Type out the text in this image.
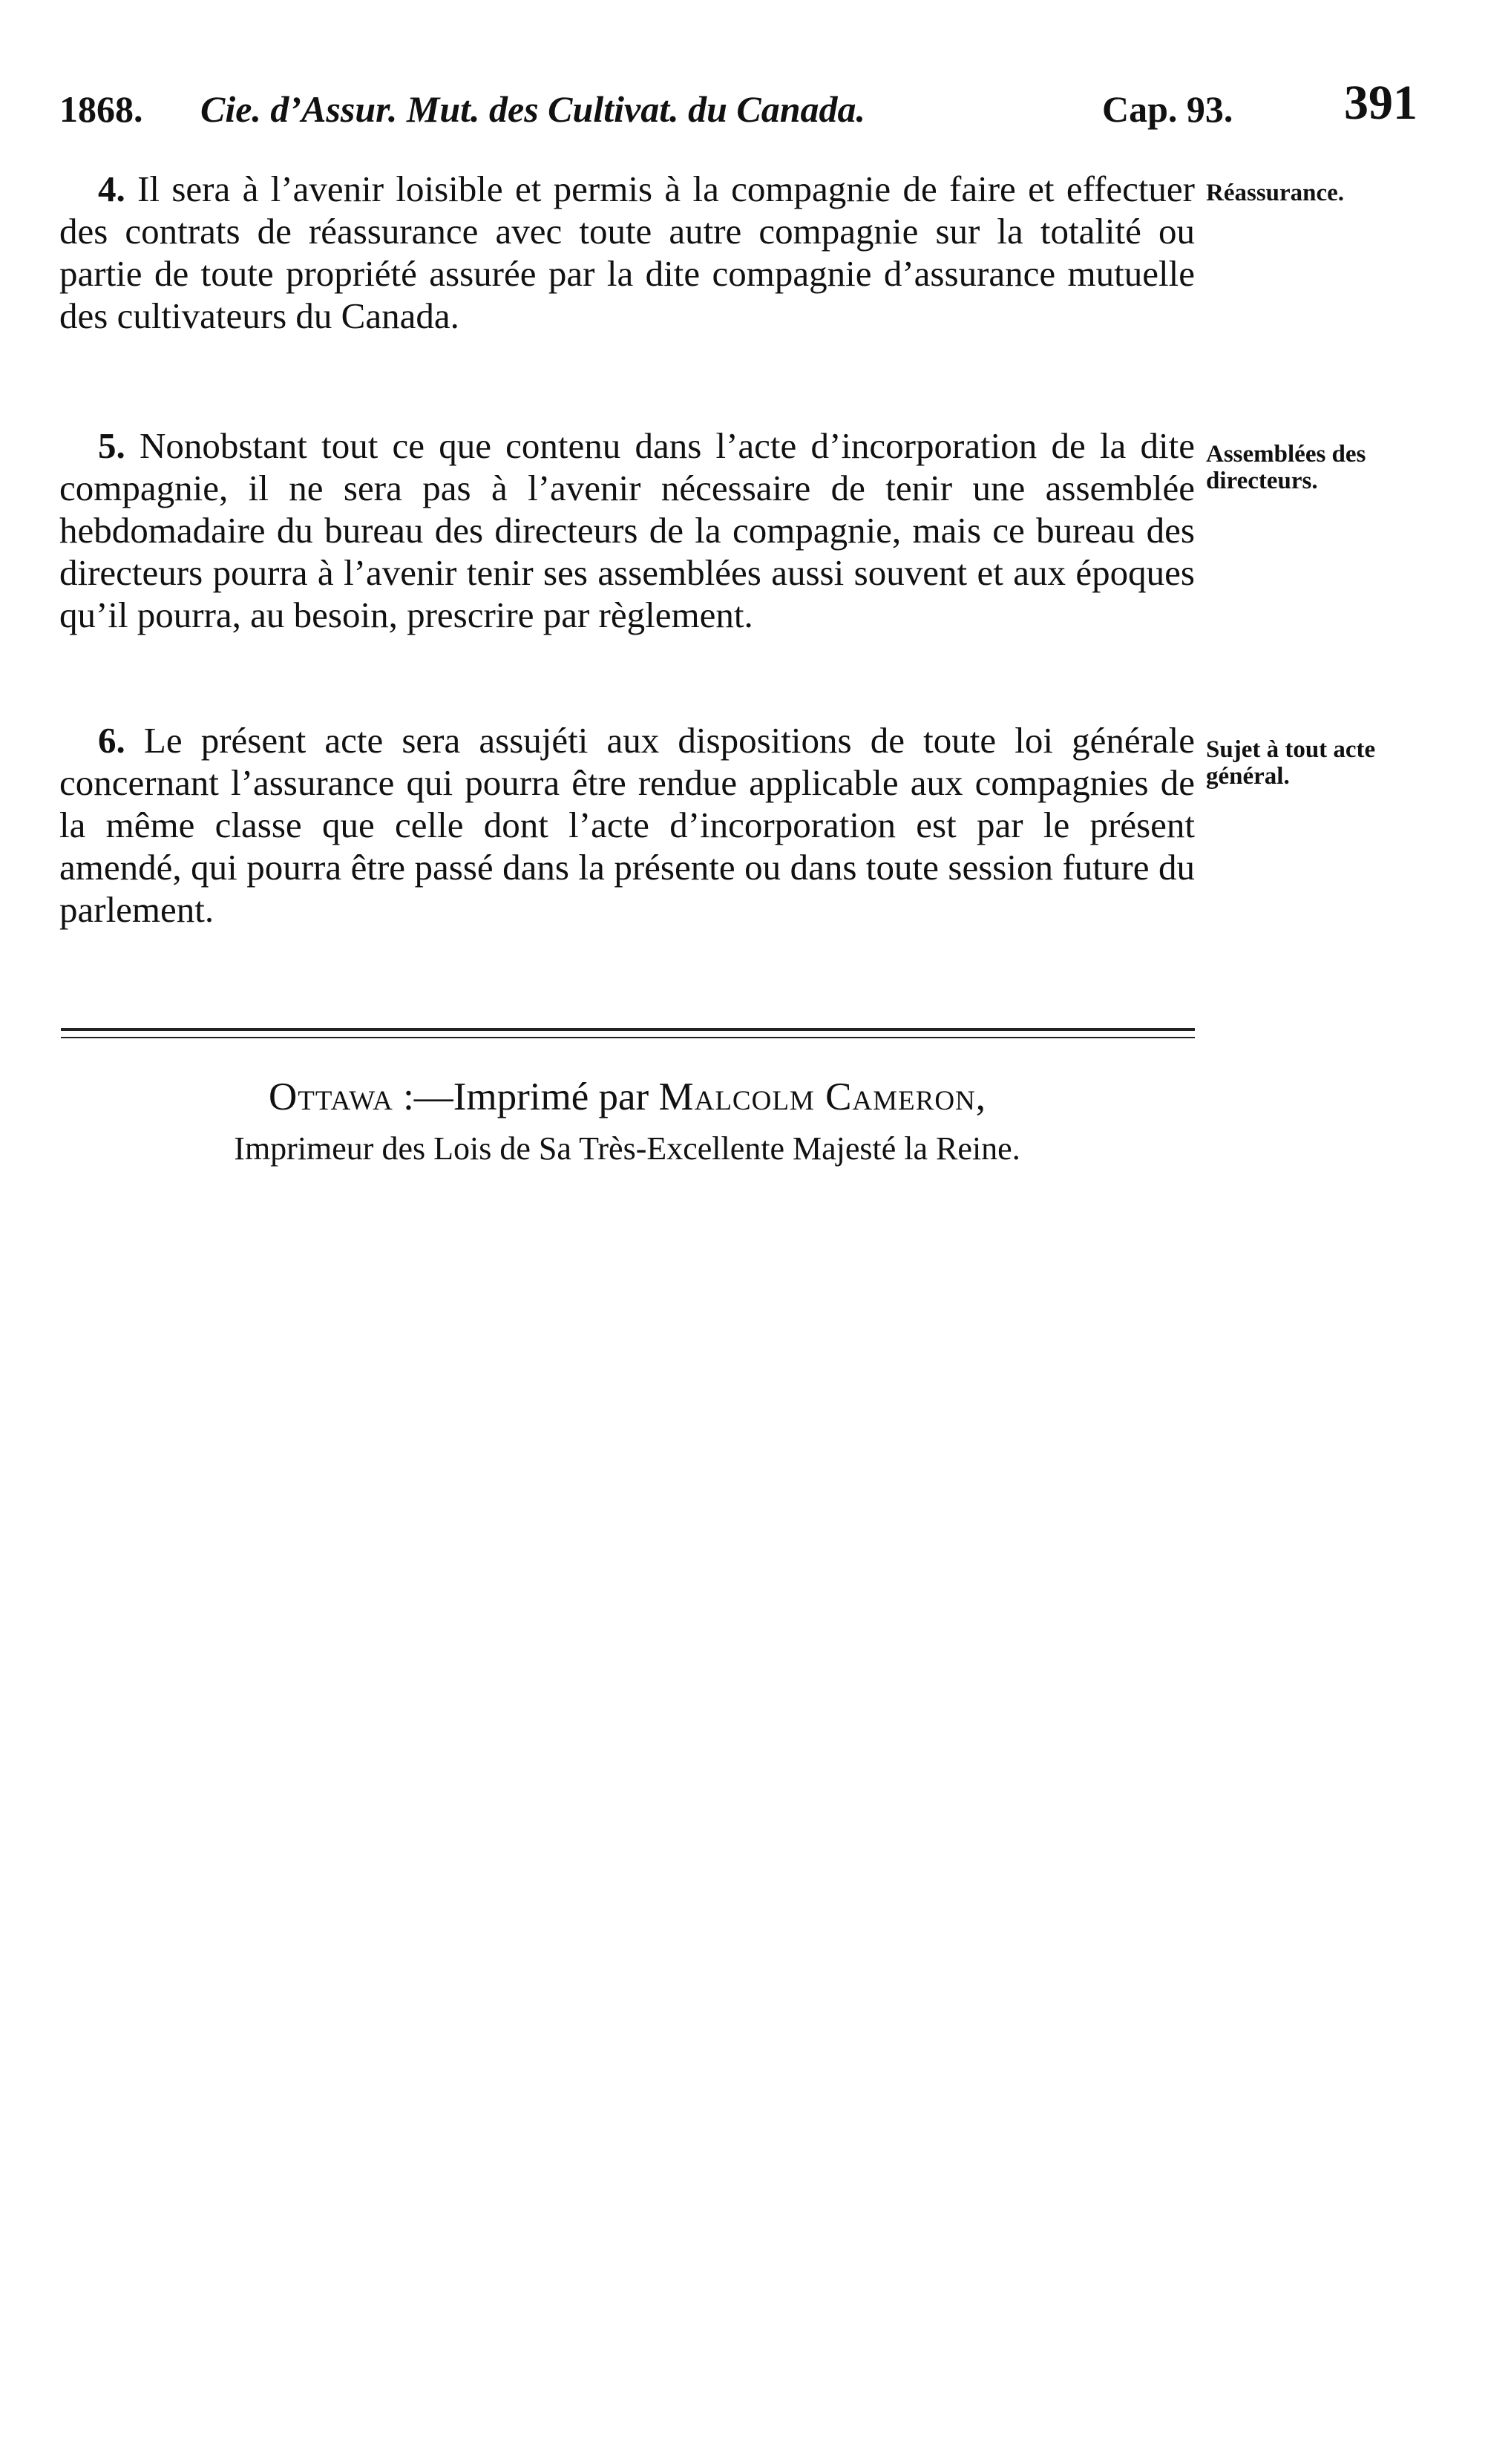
1868. Cie. d’Assur. Mut. des Cultivat. du Canada.	Cap. 93. 391

4. Il sera à l’avenir loisible et permis à la compagnie de faire et effectuer des contrats de réassurance avec toute autre compagnie sur la totalité ou partie de toute propriété assurée par la dite compagnie d’assurance mutuelle des cultivateurs du Canada.

Réassurance.

5. Nonobstant tout ce que contenu dans l’acte d’incorporation de la dite compagnie, il ne sera pas à l’avenir nécessaire de tenir une assemblée hebdomadaire du bureau des directeurs de la compagnie, mais ce bureau des directeurs pourra à l’avenir tenir ses assemblées aussi souvent et aux époques qu’il pourra, au besoin, prescrire par règlement.

Assemblées des directeurs.

6. Le présent acte sera assujéti aux dispositions de toute loi générale concernant l’assurance qui pourra être rendue applicable aux compagnies de la même classe que celle dont l’acte d’incorporation est par le présent amendé, qui pourra être passé dans la présente ou dans toute session future du parlement.

Sujet à tout acte général.
Ottawa :—Imprimé par Malcolm Cameron,
Imprimeur des Lois de Sa Très-Excellente Majesté la Reine.
